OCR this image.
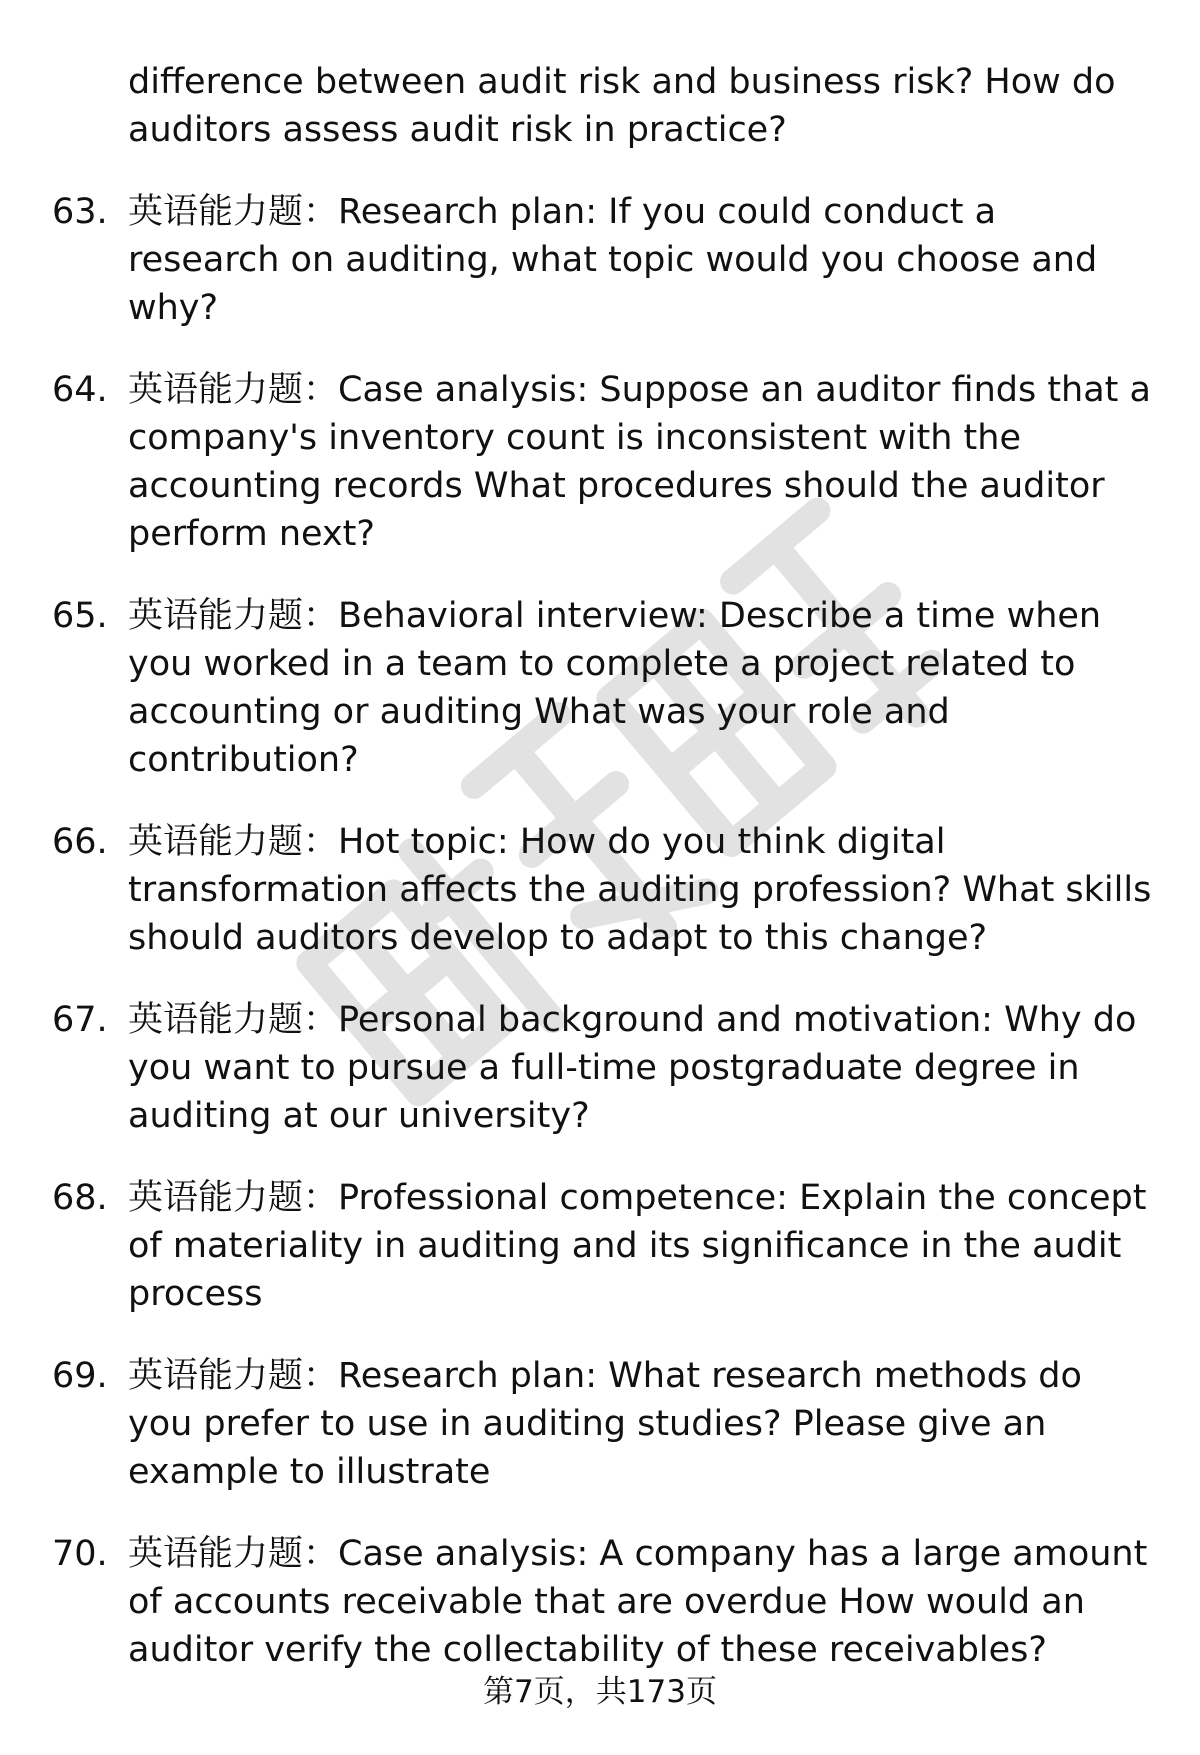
difference between audit risk and business risk? How do auditors assess audit risk in practice?

63. 英语能力题：Research plan: If you could conduct a research on auditing, what topic would you choose and why?
64. 英语能力题：Case analysis: Suppose an auditor finds that a company's inventory count is inconsistent with the accounting records What procedures should the auditor perform next?
65. 英语能力题：Behavioral interview: Describe a time when you worked in a team to complete a project related to accounting or auditing What was your role and contribution?
66. 英语能力题：Hot topic: How do you think digital transformation affects the auditing profession? What skills should auditors develop to adapt to this change?
67. 英语能力题：Personal background and motivation: Why do you want to pursue a full-time postgraduate degree in auditing at our university?
68. 英语能力题：Professional competence: Explain the concept of materiality in auditing and its significance in the audit process
69. 英语能力题：Research plan: What research methods do you prefer to use in auditing studies? Please give an example to illustrate
70. 英语能力题：Case analysis: A company has a large amount of accounts receivable that are overdue How would an auditor verify the collectability of these receivables?
第7页，共173页
